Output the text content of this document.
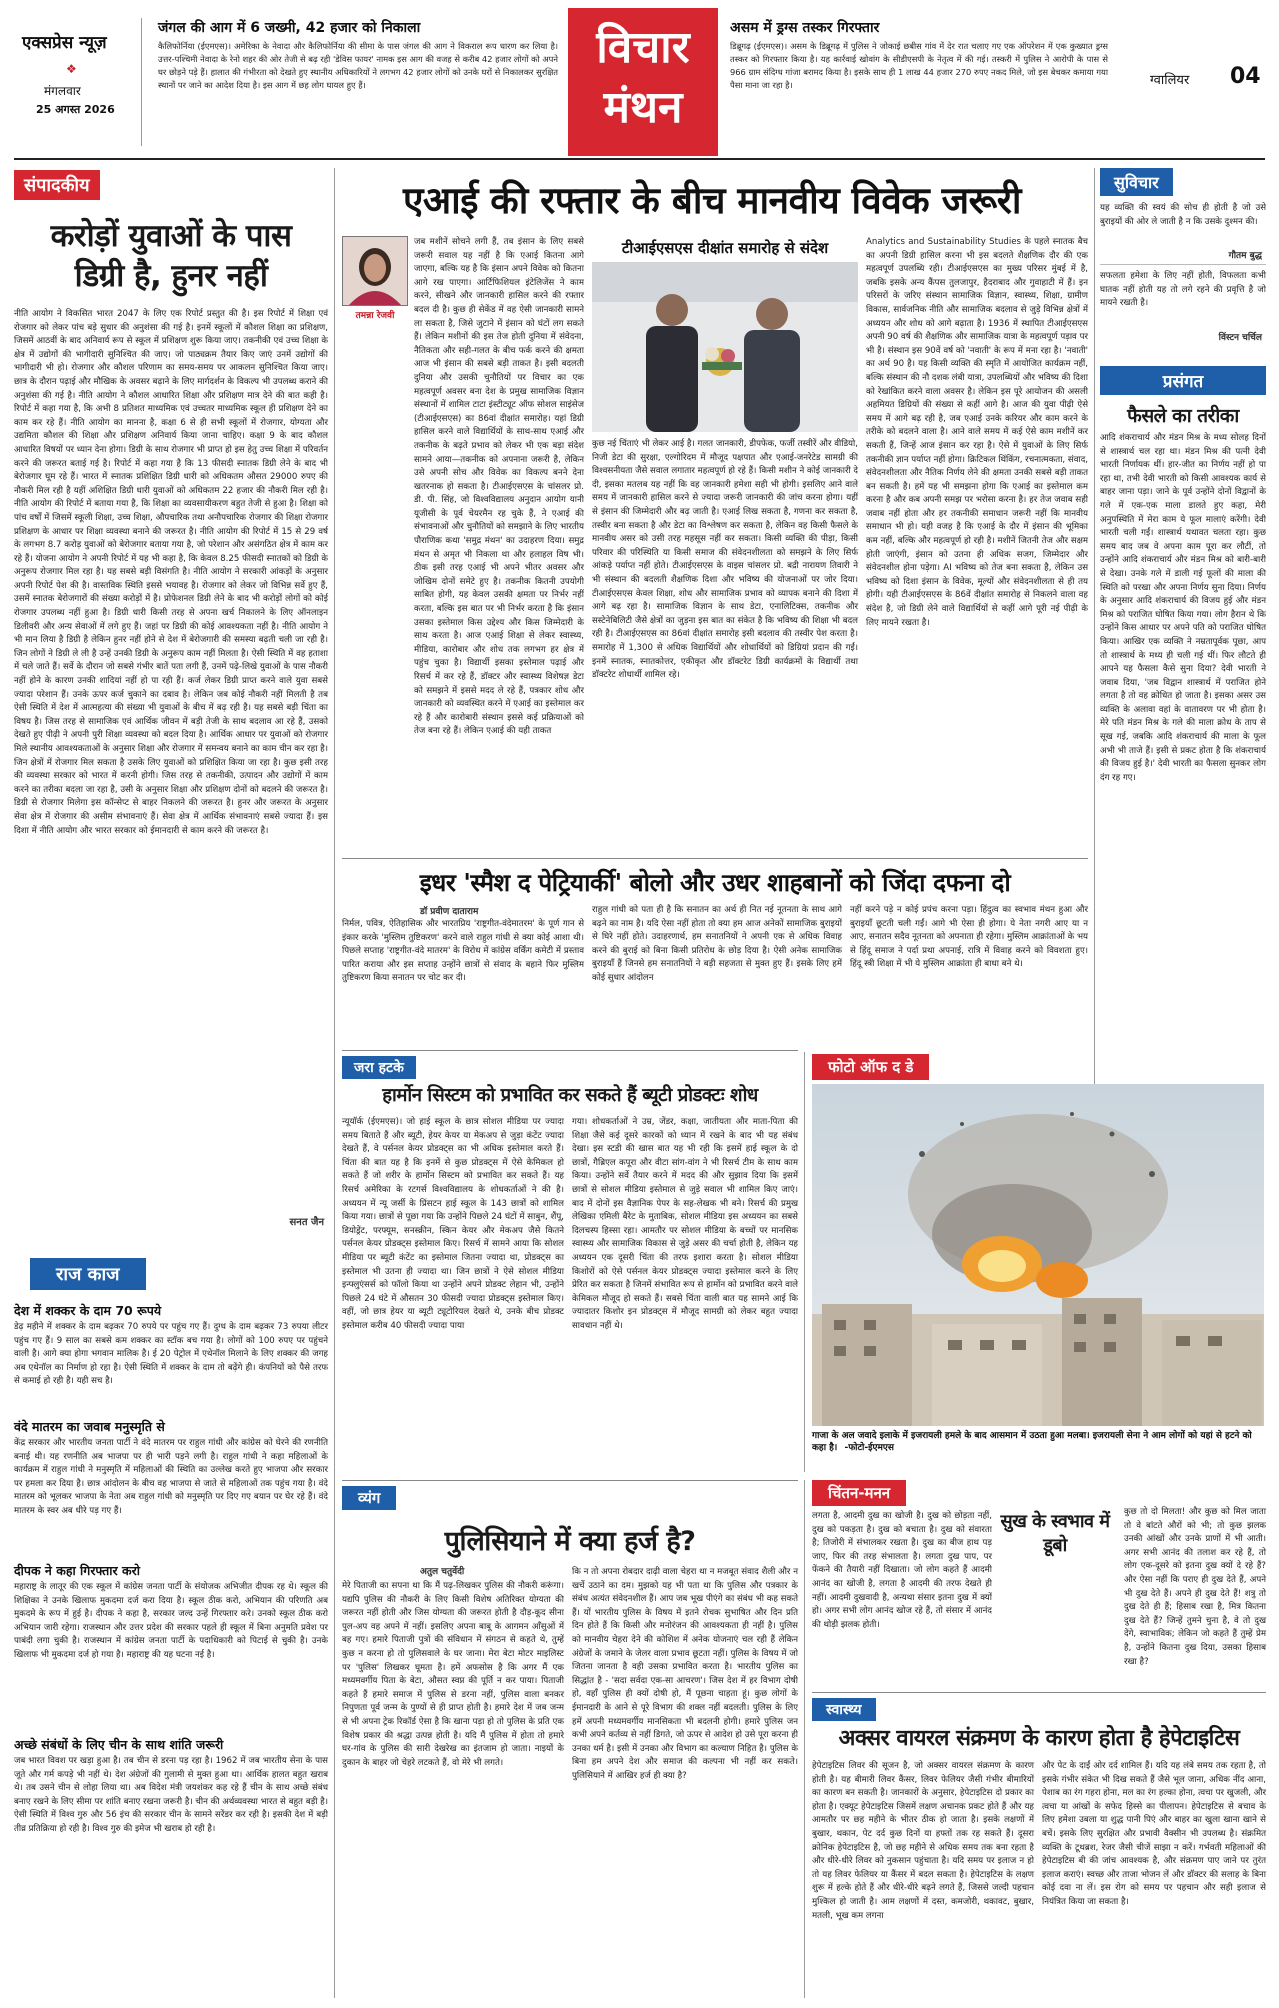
एक्सप्रेस न्यूज़
❖
मंगलवार
25 अगस्त 2026
जंगल की आग में 6 जख्मी, 42 हजार को निकाला
कैलिफोर्निया (ईएमएस)। अमेरिका के नेवादा और कैलिफोर्निया की सीमा के पास जंगल की आग ने विकराल रूप धारण कर लिया है। उत्तर-पश्चिमी नेवादा के रेनो शहर की ओर तेजी से बढ़ रही 'डेविस फायर' नामक इस आग की वजह से करीब 42 हजार लोगों को अपने घर छोड़ने पड़े हैं। हालात की गंभीरता को देखते हुए स्थानीय अधिकारियों ने लगभग 42 हजार लोगों को उनके घरों से निकालकर सुरक्षित स्थानों पर जाने का आदेश दिया है। इस आग में छह लोग घायल हुए हैं।
विचार
मंथन
असम में ड्रग्स तस्कर गिरफ्तार
डिब्रूगढ़ (ईएमएस)। असम के डिब्रूगढ़ में पुलिस ने जोकाई छबीस गांव में देर रात चलाए गए एक ऑपरेशन में एक कुख्यात ड्रग्स तस्कर को गिरफ्तार किया है। यह कार्रवाई खोवांग के सीडीएसपी के नेतृत्व में की गई। तस्करी में पुलिस ने आरोपी के पास से 966 ग्राम संदिग्ध गांजा बरामद किया है। इसके साथ ही 1 लाख 44 हजार 270 रुपए नकद मिले, जो इस बेचकर कमाया गया पैसा माना जा रहा है।	ग्वालियर 04
संपादकीय
करोड़ों युवाओं के पास
डिग्री है, हुनर नहीं
नीति आयोग ने विकसित भारत 2047 के लिए एक रिपोर्ट प्रस्तुत की है। इस रिपोर्ट में शिक्षा एवं रोजगार को लेकर पांच बड़े सुधार की अनुशंसा की गई है। इनमें स्कूलों में कौशल शिक्षा का प्रशिक्षण, जिसमें आठवीं के बाद अनिवार्य रूप से स्कूल में प्रशिक्षण शुरू किया जाए। तकनीकी एवं उच्च शिक्षा के क्षेत्र में उद्योगों की भागीदारी सुनिश्चित की जाए। जो पाठ्यक्रम तैयार किए जाएं उनमें उद्योगों की भागीदारी भी हो। रोजगार और कौशल परिणाम का समय-समय पर आकलन सुनिश्चित किया जाए। छात्र के दौरान पढ़ाई और मौखिक के अवसर बढ़ाने के लिए मार्गदर्शन के विकल्प भी उपलब्ध कराने की अनुशंसा की गई है। नीति आयोग ने कौशल आधारित शिक्षा और प्रशिक्षण मात्र देने की बात कही है। रिपोर्ट में कहा गया है, कि अभी 8 प्रतिशत माध्यमिक एवं उच्चतर माध्यमिक स्कूल ही प्रशिक्षण देने का काम कर रहे हैं। नीति आयोग का मानना है, कक्षा 6 से ही सभी स्कूलों में रोजगार, योग्यता और उद्यमिता कौशल की शिक्षा और प्रशिक्षण अनिवार्य किया जाना चाहिए। कक्षा 9 के बाद कौशल आधारित विषयों पर ध्यान देना होगा। डिग्री के साथ रोजगार भी प्राप्त हो इस हेतु उच्च शिक्षा में परिवर्तन करने की जरूरत बताई गई है। रिपोर्ट में कहा गया है कि 13 फीसदी स्नातक डिग्री लेने के बाद भी बेरोजगार घूम रहे हैं। भारत में स्नातक प्रशिक्षित डिग्री धारी को अधिकतम औसत 29000 रुपए की नौकरी मिल रही है यहीं अशिक्षित डिग्री धारी युवाओं को अधिकतम 22 हजार की नौकरी मिल रही है। नीति आयोग की रिपोर्ट में बताया गया है, कि शिक्षा का व्यवसायीकरण बहुत तेजी से हुआ है। शिक्षा को पांच वर्षों में जिसमें स्कूली शिक्षा, उच्च शिक्षा, औपचारिक तथा अनौपचारिक रोजगार की शिक्षा रोजगार प्रशिक्षण के आधार पर शिक्षा व्यवस्था बनाने की जरूरत है। नीति आयोग की रिपोर्ट में 15 से 29 वर्ष के लगभग 8.7 करोड़ युवाओं को बेरोजगार बताया गया है, जो परेशान और असंगठित क्षेत्र में काम कर रहे हैं। योजना आयोग ने अपनी रिपोर्ट में यह भी कहा है, कि केवल 8.25 फीसदी स्नातकों को डिग्री के अनुरूप रोजगार मिल रहा है। यह सबसे बड़ी विसंगति है। नीति आयोग ने सरकारी आंकड़ों के अनुसार अपनी रिपोर्ट पेश की है। वास्तविक स्थिति इससे भयावह है। रोजगार को लेकर जो विभिन्न सर्वे हुए हैं, उसमें स्नातक बेरोजगारों की संख्या करोड़ों में है। प्रोफेशनल डिग्री लेने के बाद भी करोड़ों लोगों को कोई रोजगार उपलब्ध नहीं हुआ है। डिग्री धारी किसी तरह से अपना खर्च निकालने के लिए ऑनलाइन डिलीवरी और अन्य सेवाओं में लगे हुए हैं। जहां पर डिग्री की कोई आवश्यकता नहीं है। नीति आयोग ने भी मान लिया है डिग्री है लेकिन हुनर नहीं होने से देश में बेरोजगारी की समस्या बढ़ती चली जा रही है। जिन लोगों ने डिग्री ले ली है उन्हें उनकी डिग्री के अनुरूप काम नहीं मिलता है। ऐसी स्थिति में वह हताशा में चले जाते हैं। सर्वे के दौरान जो सबसे गंभीर बातें पता लगी हैं, उनमें पढ़े-लिखे युवाओं के पास नौकरी नहीं होने के कारण उनकी शादियां नहीं हो पा रही हैं। कर्ज लेकर डिग्री प्राप्त करने वाले युवा सबसे ज्यादा परेशान हैं। उनके ऊपर कर्ज चुकाने का दबाव है। लेकिन जब कोई नौकरी नहीं मिलती है तब ऐसी स्थिति में देश में आत्महत्या की संख्या भी युवाओं के बीच में बढ़ रही है। यह सबसे बड़ी चिंता का विषय है। जिस तरह से सामाजिक एवं आर्थिक जीवन में बड़ी तेजी के साथ बदलाव आ रहे हैं, उसको देखते हुए पीढ़ी ने अपनी पुरी शिक्षा व्यवस्था को बदल दिया है। आर्थिक आधार पर युवाओं को रोजगार मिले स्थानीय आवश्यकताओं के अनुसार शिक्षा और रोजगार में समन्वय बनाने का काम चीन कर रहा है। जिन क्षेत्रों में रोजगार मिल सकता है उसके लिए युवाओं को प्रशिक्षित किया जा रहा है। कुछ इसी तरह की व्यवस्था सरकार को भारत में करनी होगी। जिस तरह से तकनीकी, उत्पादन और उद्योगों में काम करने का तरीका बदला जा रहा है, उसी के अनुसार शिक्षा और प्रशिक्षण दोनों को बदलने की जरूरत है। डिग्री से रोजगार मिलेगा इस कॉन्सेप्ट से बाहर निकलने की जरूरत है। हुनर और जरूरत के अनुसार सेवा क्षेत्र में रोजगार की असीम संभावनाएं हैं। सेवा क्षेत्र में आर्थिक संभावनाएं सबसे ज्यादा हैं। इस दिशा में नीति आयोग और भारत सरकार को ईमानदारी से काम करने की जरूरत है।
सनत जैन
राज काज
देश में शक्कर के दाम 70 रूपये
डेढ़ महीने में शक्कर के दाम बढ़कर 70 रुपये पर पहुंच गए हैं। दुग्ध के दाम बढ़कर 73 रुपया लीटर पहुंच गए हैं। 9 साल का सबसे कम शक्कर का स्टॉक बच गया है। लोगों को 100 रुपए पर पहुंचने वाली है। आगे क्या होगा भगवान मालिक है। ई 20 पेट्रोल में एथेनॉल मिलाने के लिए शक्कर की जगह अब एथेनॉल का निर्माण हो रहा है। ऐसी स्थिति में शक्कर के दाम तो बढ़ेंगे ही। कंपनियों को पैसे तरफ से कमाई हो रही है। यही सच है।
वंदे मातरम का जवाब मनुस्मृति से
केंद्र सरकार और भारतीय जनता पार्टी ने वंदे मातरम पर राहुल गांधी और कांग्रेस को घेरने की रणनीति बनाई थी। यह रणनीति अब भाजपा पर ही भारी पड़ने लगी है। राहुल गांधी ने कहा महिलाओं के कार्यक्रम में राहुल गांधी ने मनुस्मृति में महिलाओं की स्थिति का उल्लेख करते हुए भाजपा और सरकार पर हमला कर दिया है। छात्र आंदोलन के बीच वह भाजपा से जाते से महिलाओं तक पहुंच गया है। वंदे मातरम को भूलकर भाजपा के नेता अब राहुल गांधी को मनुस्मृति पर दिए गए बयान पर घेर रहे हैं। वंदे मातरम के स्वर अब धीरे पड़ गए हैं।
दीपक ने कहा गिरफ्तार करो
महाराष्ट्र के लातूर की एक स्कूल में कांग्रेस जनता पार्टी के संयोजक अभिजीत दीपक रह थे। स्कूल की शिक्षिका ने उनके खिलाफ मुकदमा दर्ज करा दिया है। स्कूल ठीक करो, अभियान की परिणति अब मुकदमे के रूप में हुई है। दीपक ने कहा है, सरकार जल्द उन्हें गिरफ्तार करे। उनको स्कूल ठीक करो अभियान जारी रहेगा। राजस्थान और उत्तर प्रदेश की सरकार पहले ही स्कूल में बिना अनुमति प्रवेश पर पाबंदी लगा चुकी है। राजस्थान में कांग्रेस जनता पार्टी के पदाधिकारी को पिटाई से चुकी है। उनके खिलाफ भी मुकदमा दर्ज हो गया है। महाराष्ट्र की यह घटना नई है।
अच्छे संबंधों के लिए चीन के साथ शांति जरूरी
जब भारत विवश पर खड़ा हुआ है। तब चीन से डरना पड़ रहा है। 1962 में जब भारतीय सेना के पास जूते और गर्म कपड़े भी नहीं थे। देश अंग्रेजों की गुलामी से मुक्त हुआ था। आर्थिक हालत बहुत खराब थे। तब उसने चीन से लोहा लिया था। अब विदेश मंत्री जयशंकर कह रहे हैं चीन के साथ अच्छे संबंध बनाए रखने के लिए सीमा पर शांति बनाए रखना जरूरी है। चीन की अर्थव्यवस्था भारत से बहुत बड़ी है। ऐसी स्थिति में विश्व गुरु और 56 इंच की सरकार चीन के सामने सरेंडर कर रही है। इसकी देश में बड़ी तीव्र प्रतिक्रिया हो रही है। विश्व गुरु की इमेज भी खराब हो रही है।
एआई की रफ्तार के बीच मानवीय विवेक जरूरी
तमन्ना रेजवी
जब मशीनें सोचने लगी हैं, तब इंसान के लिए सबसे जरूरी सवाल यह नहीं है कि एआई कितना आगे जाएगा, बल्कि यह है कि इंसान अपने विवेक को कितना आगे रख पाएगा। आर्टिफिशियल इंटेलिजेंस ने काम करने, सीखने और जानकारी हासिल करने की रफ्तार बदल दी है। कुछ ही सेकेंड में वह ऐसी जानकारी सामने ला सकता है, जिसे जुटाने में इंसान को घंटों लग सकते हैं। लेकिन मशीनों की इस तेज होती दुनिया में संवेदना, नैतिकता और सही-गलत के बीच फर्क करने की क्षमता आज भी इंसान की सबसे बड़ी ताकत है। इसी बदलती दुनिया और उसकी चुनौतियों पर विचार का एक महत्वपूर्ण अवसर बना देश के प्रमुख सामाजिक विज्ञान संस्थानों में शामिल टाटा इंस्टीट्यूट ऑफ सोशल साइंसेज (टीआईएसएस) का 86वां दीक्षांत समारोह। यहां डिग्री हासिल करने वाले विद्यार्थियों के साथ-साथ एआई और तकनीक के बढ़ते प्रभाव को लेकर भी एक बड़ा संदेश सामने आया—तकनीक को अपनाना जरूरी है, लेकिन उसे अपनी सोच और विवेक का विकल्प बनने देना खतरनाक हो सकता है। टीआईएसएस के चांसलर प्रो. डी. पी. सिंह, जो विश्वविद्यालय अनुदान आयोग यानी यूजीसी के पूर्व चेयरमैन रह चुके हैं, ने एआई की संभावनाओं और चुनौतियों को समझाने के लिए भारतीय पौराणिक कथा 'समुद्र मंथन' का उदाहरण दिया। समुद्र मंथन से अमृत भी निकला था और हलाहल विष भी। ठीक इसी तरह एआई भी अपने भीतर अवसर और जोखिम दोनों समेटे हुए है। तकनीक कितनी उपयोगी साबित होगी, यह केवल उसकी क्षमता पर निर्भर नहीं करता, बल्कि इस बात पर भी निर्भर करता है कि इंसान उसका इस्तेमाल किस उद्देश्य और किस जिम्मेदारी के साथ करता है। आज एआई शिक्षा से लेकर स्वास्थ्य, मीडिया, कारोबार और शोध तक लगभग हर क्षेत्र में पहुंच चुका है। विद्यार्थी इसका इस्तेमाल पढ़ाई और रिसर्च में कर रहे हैं, डॉक्टर और स्वास्थ्य विशेषज्ञ डेटा को समझने में इससे मदद ले रहे हैं, पत्रकार शोध और जानकारी को व्यवस्थित करने में एआई का इस्तेमाल कर रहे हैं और कारोबारी संस्थान इससे कई प्रक्रियाओं को तेज बना रहे हैं। लेकिन एआई की यही ताकत
टीआईएसएस दीक्षांत समारोह से संदेश
कुछ नई चिंताएं भी लेकर आई है। गलत जानकारी, डीपफेक, फर्जी तस्वीरें और वीडियो, निजी डेटा की सुरक्षा, एल्गोरिदम में मौजूद पक्षपात और एआई-जनरेटेड सामग्री की विश्वसनीयता जैसे सवाल लगातार महत्वपूर्ण हो रहे हैं। किसी मशीन ने कोई जानकारी दे दी, इसका मतलब यह नहीं कि वह जानकारी हमेशा सही भी होगी। इसलिए आने वाले समय में जानकारी हासिल करने से ज्यादा जरूरी जानकारी की जांच करना होगा। यहीं से इंसान की जिम्मेदारी और बढ़ जाती है। एआई लिख सकता है, गणना कर सकता है, तस्वीर बना सकता है और डेटा का विश्लेषण कर सकता है, लेकिन वह किसी फैसले के मानवीय असर को उसी तरह महसूस नहीं कर सकता। किसी व्यक्ति की पीड़ा, किसी परिवार की परिस्थिति या किसी समाज की संवेदनशीलता को समझने के लिए सिर्फ आंकड़े पर्याप्त नहीं होते। टीआईएसएस के वाइस चांसलर प्रो. बद्री नारायण तिवारी ने भी संस्थान की बदलती शैक्षणिक दिशा और भविष्य की योजनाओं पर जोर दिया। टीआईएसएस केवल शिक्षा, शोध और सामाजिक प्रभाव को व्यापक बनाने की दिशा में आगे बढ़ रहा है। सामाजिक विज्ञान के साथ डेटा, एनालिटिक्स, तकनीक और सस्टेनेबिलिटी जैसे क्षेत्रों का जुड़ना इस बात का संकेत है कि भविष्य की शिक्षा भी बदल रही है। टीआईएसएस का 86वां दीक्षांत समारोह इसी बदलाव की तस्वीर पेश करता है। समारोह में 1,300 से अधिक विद्यार्थियों और शोधार्थियों को डिग्रियां प्रदान की गईं। इनमें स्नातक, स्नातकोत्तर, एकीकृत और डॉक्टरेट डिग्री कार्यक्रमों के विद्यार्थी तथा डॉक्टरेट शोधार्थी शामिल रहे।
Analytics and Sustainability Studies के पहले स्नातक बैच का अपनी डिग्री हासिल करना भी इस बदलते शैक्षणिक दौर की एक महत्वपूर्ण उपलब्धि रही। टीआईएसएस का मुख्य परिसर मुंबई में है, जबकि इसके अन्य कैंपस तुलजापुर, हैदराबाद और गुवाहाटी में हैं। इन परिसरों के जरिए संस्थान सामाजिक विज्ञान, स्वास्थ्य, शिक्षा, ग्रामीण विकास, सार्वजनिक नीति और सामाजिक बदलाव से जुड़े विभिन्न क्षेत्रों में अध्ययन और शोध को आगे बढ़ाता है। 1936 में स्थापित टीआईएसएस अपनी 90 वर्ष की शैक्षणिक और सामाजिक यात्रा के महत्वपूर्ण पड़ाव पर भी है। संस्थान इस 90वें वर्ष को 'नवाती' के रूप में मना रहा है। 'नवाती' का अर्थ 90 है। यह किसी व्यक्ति की स्मृति में आयोजित कार्यक्रम नहीं, बल्कि संस्थान की नौ दशक लंबी यात्रा, उपलब्धियों और भविष्य की दिशा को रेखांकित करने वाला अवसर है। लेकिन इस पूरे आयोजन की असली अहमियत डिग्रियों की संख्या से कहीं आगे है। आज की युवा पीढ़ी ऐसे समय में आगे बढ़ रही है, जब एआई उनके करियर और काम करने के तरीके को बदलने वाला है। आने वाले समय में कई ऐसे काम मशीनें कर सकती हैं, जिन्हें आज इंसान कर रहा है। ऐसे में युवाओं के लिए सिर्फ तकनीकी ज्ञान पर्याप्त नहीं होगा। क्रिटिकल थिंकिंग, रचनात्मकता, संवाद, संवेदनशीलता और नैतिक निर्णय लेने की क्षमता उनकी सबसे बड़ी ताकत बन सकती है। हमें यह भी समझना होगा कि एआई का इस्तेमाल कम करना है और कब अपनी समझ पर भरोसा करना है। हर तेज जवाब सही जवाब नहीं होता और हर तकनीकी समाधान जरूरी नहीं कि मानवीय समाधान भी हो। यही वजह है कि एआई के दौर में इंसान की भूमिका कम नहीं, बल्कि और महत्वपूर्ण हो रही है। मशीनें जितनी तेज और सक्षम होती जाएंगी, इंसान को उतना ही अधिक सजग, जिम्मेदार और संवेदनशील होना पड़ेगा। AI भविष्य को तेज बना सकता है, लेकिन उस भविष्य को दिशा इंसान के विवेक, मूल्यों और संवेदनशीलता से ही तय होगी। यही टीआईएसएस के 86वें दीक्षांत समारोह से निकलने वाला वह संदेश है, जो डिग्री लेने वाले विद्यार्थियों से कहीं आगे पूरी नई पीढ़ी के लिए मायने रखता है।
सुविचार
यह व्यक्ति की स्वयं की सोच ही होती है जो उसे बुराइयों की ओर ले जाती है न कि उसके दुश्मन की।
गौतम बुद्ध
सफलता हमेशा के लिए नहीं होती, विफलता कभी घातक नहीं होती यह तो लगे रहने की प्रवृत्ति है जो मायने रखती है।
विंस्टन चर्चिल
प्रसंगत
फैसले का तरीका
आदि शंकराचार्य और मंडन मिश्र के मध्य सोलह दिनों से शास्त्रार्थ चल रहा था। मंडन मिश्र की पत्नी देवी भारती निर्णायक थीं। हार-जीत का निर्णय नहीं हो पा रहा था, तभी देवी भारती को किसी आवश्यक कार्य से बाहर जाना पड़ा। जाने के पूर्व उन्होंने दोनों विद्वानों के गले में एक-एक माला डालते हुए कहा, मेरी अनुपस्थिति में मेरा काम ये फूल मालाएं करेंगी। देवी भारती चली गईं। शास्त्रार्थ यथावत चलता रहा। कुछ समय बाद जब वे अपना काम पूरा कर लौटीं, तो उन्होंने आदि शंकराचार्य और मंडन मिश्र को बारी-बारी से देखा। उनके गले में डाली गई फूलों की माला की स्थिति को परखा और अपना निर्णय सुना दिया। निर्णय के अनुसार आदि शंकराचार्य की विजय हुई और मंडन मिश्र को पराजित घोषित किया गया। लोग हैरान थे कि उन्होंने किस आधार पर अपने पति को पराजित घोषित किया। आखिर एक व्यक्ति ने नम्रतापूर्वक पूछा, आप तो शास्त्रार्थ के मध्य ही चली गई थीं। फिर लौटते ही आपने यह फैसला कैसे सुना दिया? देवी भारती ने जवाब दिया, 'जब विद्वान शास्त्रार्थ में पराजित होने लगता है तो वह क्रोधित हो जाता है। इसका असर उस व्यक्ति के अलावा वहां के वातावरण पर भी होता है। मेरे पति मंडन मिश्र के गले की माला क्रोध के ताप से सूख गई, जबकि आदि शंकराचार्य की माला के फूल अभी भी ताजे हैं। इसी से प्रकट होता है कि शंकराचार्य की विजय हुई है।' देवी भारती का फैसला सुनकर लोग दंग रह गए।
इधर 'स्मैश द पेट्रियार्की' बोलो और उधर शाहबानों को जिंदा दफना दो
डॉ प्रवीण दाताराम
निर्मल, पवित्र, ऐतिहासिक और भारतप्रिय 'राष्ट्रगीत-वंदेमातरम' के पूर्ण गान से इंकार करके 'मुस्लिम तुष्टिकरण' करने वाले राहुल गांधी से क्या कोई आशा थी। पिछले सप्ताह 'राष्ट्रगीत-वंदे मातरम' के विरोध में कांग्रेस वर्किंग कमेटी में प्रस्ताव पारित कराया और इस सप्ताह उन्होंने छात्रों से संवाद के बहाने फिर मुस्लिम तुष्टिकरण किया सनातन पर चोट कर दी।
राहुल गांधी को पता ही है कि सनातन का अर्थ ही नित नई नूतनता के साथ आगे बढ़ने का नाम है। यदि ऐसा नहीं होता तो क्या हम आज अनेकों सामाजिक बुराइयों से घिरे नहीं होते। उदाहरणार्थ, हम सनातनियों ने अपनी एक से अधिक विवाह करने की बुराई को बिना किसी प्रतिरोध के छोड़ दिया है। ऐसी अनेक सामाजिक बुराइयाँ हैं जिनसे हम सनातनियों ने बड़ी सहजता से मुक्त हुए हैं। इसके लिए हमें कोई सुधार आंदोलन
नहीं करने पड़े न कोई प्रपंच करना पड़ा। हिंदुत्व का स्वभाव मंथन हुआ और बुराइयाँ छूटती चली गईं। आगे भी ऐसा ही होगा। ये नेता नगरी आए या न आए, सनातन सदैव नूतनता को अपनाता ही रहेगा। मुस्लिम आक्रांताओं के भय से हिंदू समाज ने पर्दा प्रथा अपनाई, रात्रि में विवाह करने को विवशता हुए। हिंदू स्त्री शिक्षा में भी ये मुस्लिम आक्रांता ही बाधा बने थे।
जरा हटके
हार्मोन सिस्टम को प्रभावित कर सकते हैं ब्यूटी प्रोडक्टः शोध
न्यूयॉर्क (ईएमएस)। जो हाई स्कूल के छात्र सोशल मीडिया पर ज्यादा समय बिताते हैं और ब्यूटी, हेयर केयर या मेकअप से जुड़ा कंटेंट ज्यादा देखते हैं, वे पर्सनल केयर प्रोडक्ट्स का भी अधिक इस्तेमाल करते हैं। चिंता की बात यह है कि इनमें से कुछ प्रोडक्ट्स में ऐसे केमिकल हो सकते हैं जो शरीर के हार्मोन सिस्टम को प्रभावित कर सकते हैं। यह रिसर्च अमेरिका के रटगर्स विश्वविद्यालय के शोधकर्ताओं ने की है। अध्ययन में न्यू जर्सी के प्रिंसटन हाई स्कूल के 143 छात्रों को शामिल किया गया। छात्रों से पूछा गया कि उन्होंने पिछले 24 घंटों में साबुन, शैंपू, डियोड्रेंट, परफ्यूम, सनस्क्रीन, स्किन केयर और मेकअप जैसे कितने पर्सनल केयर प्रोडक्ट्स इस्तेमाल किए। रिसर्च में सामने आया कि सोशल मीडिया पर ब्यूटी कंटेंट का इस्तेमाल जितना ज्यादा था, प्रोडक्ट्स का इस्तेमाल भी उतना ही ज्यादा था। जिन छात्रों ने ऐसे सोशल मीडिया इन्फ्लुएंसर्स को फॉलो किया था उन्होंने अपने प्रोडक्ट लेहान भी, उन्होंने पिछले 24 घंटे में औसतन 30 फीसदी ज्यादा प्रोडक्ट्स इस्तेमाल किए। वहीं, जो छात्र हेयर या ब्यूटी ट्यूटोरियल देखते थे, उनके बीच प्रोडक्ट इस्तेमाल करीब 40 फीसदी ज्यादा पाया
गया। शोधकर्ताओं ने उम्र, जेंडर, कक्षा, जातीयता और माता-पिता की शिक्षा जैसे कई दूसरे कारकों को ध्यान में रखने के बाद भी यह संबंध देखा। इस स्टडी की खास बात यह भी रही कि इसमें हाई स्कूल के दो छात्रों, गैब्रिएल कपूरा और वीटा सांग-वांग ने भी रिसर्च टीम के साथ काम किया। उन्होंने सर्वे तैयार करने में मदद की और सुझाव दिया कि इसमें छात्रों से सोशल मीडिया इस्तेमाल से जुड़े सवाल भी शामिल किए जाएं। बाद में दोनों इस वैज्ञानिक पेपर के सह-लेखक भी बने। रिसर्च की प्रमुख लेखिका एमिली बैरेट के मुताबिक, सोशल मीडिया इस अध्ययन का सबसे दिलचस्प हिस्सा रहा। आमतौर पर सोशल मीडिया के बच्चों पर मानसिक स्वास्थ्य और सामाजिक विकास से जुड़े असर की चर्चा होती है, लेकिन यह अध्ययन एक दूसरी चिंता की तरफ इशारा करता है। सोशल मीडिया किशोरों को ऐसे पर्सनल केयर प्रोडक्ट्स ज्यादा इस्तेमाल करने के लिए प्रेरित कर सकता है जिनमें संभावित रूप से हार्मोन को प्रभावित करने वाले केमिकल मौजूद हो सकते हैं। सबसे चिंता वाली बात यह सामने आई कि ज्यादातर किशोर इन प्रोडक्ट्स में मौजूद सामग्री को लेकर बहुत ज्यादा सावधान नहीं थे।
फोटो ऑफ द डे
गाजा के अल जवादे इलाके में इजरायली हमले के बाद आसमान में उठता हुआ मलबा। इजरायली सेना ने आम लोगों को यहां से हटने को कहा है। -फोटो-ईएमएस
व्यंग
पुलिसियाने में क्या हर्ज है?
अतुल चतुर्वेदी
मेरे पिताजी का सपना था कि मैं पढ़-लिखकर पुलिस की नौकरी करूंगा। यद्यपि पुलिस की नौकरी के लिए किसी विशेष अतिरिक्त योग्यता की जरूरत नहीं होती और जिस योग्यता की जरूरत होती है दौड़-कूद सीना पुल-अप वह अपने में नहीं। इसलिए अपना बाबू के आगमन आँसुओं में बह गए। हमारे पिताजी पुत्रों की संविधान में संगठन से कहते थे, तुम्हें कुछ न करना हो तो पुलिसवाले के घर जाना। मेरा बेटा मोटर माइलिस्ट पर 'पुलिस' लिखकर घूमता है। हमें अफसोस है कि अगर मैं एक मध्यमवर्गीय पिता के बेटा, औसत स्वप्न की पूर्ति न कर पाया। पिताजी कहते हैं हमारे समाज में पुलिस से डरना नहीं, पुलिस वाला बनकर निपुणता पूर्व जन्म के पुण्यों से ही प्राप्त होती है। हमारे देश में जब जन्म से भी अपना ट्रेक रिकॉर्ड ऐसा है कि खाना पड़ा हो तो पुलिस के प्रति एक विशेष प्रकार की श्रद्धा उत्पन्न होती है। यदि मैं पुलिस में होता तो हमारे घर-गांव के पुलिस की सारी देखरेख का इंतजाम हो जाता। नाइयों के दुकान के बाहर जो चेहरे लटकते हैं, वो मेरे भी लगते।
कि न तो अपना रोबदार दाढ़ी वाला चेहरा था न मजबूत संवाद शैली और न खर्चे उठाने का दम। मुझको यह भी पता था कि पुलिस और पत्रकार के संबंध अत्यंत संवेदनशील हैं। आप जब भूख पीएंगे का संबंध भी कह सकते हैं। यों भारतीय पुलिस के विषय में इतने रोचक सुभाषित और दिन प्रति दिन होते हैं कि किसी और मनोरंजन की आवश्यकता ही नहीं है। पुलिस को मानवीय चेहरा देने की कोशिश में अनेक योजनाएं चल रही हैं लेकिन अंग्रेजों के जमाने के जेलर वाला प्रभाव छूटता नहीं। पुलिस के विषय में जो जितना जानता है वही उसका प्रभावित करता है। भारतीय पुलिस का सिद्धांत है - 'सदा सर्वदा एक-सा आचरण'। जिस देश में हर विभाग दोषी हो, वहाँ पुलिस ही क्यों दोषी हो, मैं पूछना चाहता हूं। कुछ लोगों के ईमानदारी के आने से पूरे विभाग की शक्ल नहीं बदलती। पुलिस के लिए हमें अपनी मध्यमवर्गीय मानसिकता भी बदलनी होगी। हमारे पुलिस जन कभी अपने कर्तव्य से नहीं डिगते, जो ऊपर से आदेश हो उसे पूरा करना ही उनका धर्म है। इसी में उनका और विभाग का कल्याण निहित है। पुलिस के बिना हम अपने देश और समाज की कल्पना भी नहीं कर सकते। पुलिसियाने में आखिर हर्ज ही क्या है?
चिंतन-मनन
लगता है, आदमी दुख का खोजी है। दुख को छोड़ता नहीं, दुख को पकड़ता है। दुख को बचाता है। दुख को संवारता है; तिजोरी में संभालकर रखता है। दुख का बीज हाथ पड़ जाए, फिर की तरह संभालता है। लगता दुख पाप, पर फेंकने की तैयारी नहीं दिखाता। जो लोग कहते हैं आदमी आनंद का खोजी है, लगता है आदमी की तरफ देखते ही नहीं। आदमी दुखवादी है, अन्यथा संसार इतना दुख में क्यों हो। अगर सभी लोग आनंद खोज रहे हैं, तो संसार में आनंद की थोड़ी झलक होती।
सुख के स्वभाव में डूबो
कुछ तो दो मिलता! और कुछ को मिल जाता तो वे बांटते औरों को भी; तो कुछ झलक उनकी आंखों और उनके प्राणों में भी आती। अगर सभी आनंद की तलाश कर रहे हैं, तो लोग एक-दूसरे को इतना दुख क्यों दे रहे हैं? और ऐसा नहीं कि पराए ही दुख देते हैं, अपने भी दुख देते हैं। अपने ही दुख देते हैं! शत्रु तो दुख देते ही हैं; हिसाब रखा है, मित्र कितना दुख देते हैं? जिन्हें तुमने चुना है, वे तो दुख देंगे, स्वाभाविक; लेकिन जो कहते हैं तुम्हें प्रेम है, उन्होंने कितना दुख दिया, उसका हिसाब रखा है?
स्वास्थ्य
अक्सर वायरल संक्रमण के कारण होता है हेपेटाइटिस
हेपेटाइटिस लिवर की सूजन है, जो अक्सर वायरल संक्रमण के कारण होती है। यह बीमारी लिवर कैंसर, लिवर फेलियर जैसी गंभीर बीमारियों का कारण बन सकती है। जानकारों के अनुसार, हेपेटाइटिस दो प्रकार का होता है। एक्यूट हेपेटाइटिस जिसमें लक्षण अचानक प्रकट होते हैं और यह आमतौर पर छह महीने के भीतर ठीक हो जाता है। इसके लक्षणों में बुखार, थकान, पेट दर्द कुछ दिनों या हफ्तों तक रह सकते हैं। दूसरा क्रोनिक हेपेटाइटिस है, जो छह महीने से अधिक समय तक बना रहता है और धीरे-धीरे लिवर को नुकसान पहुंचाता है। यदि समय पर इलाज न हो तो यह लिवर फेलियर या कैंसर में बदल सकता है। हेपेटाइटिस के लक्षण शुरू में हल्के होते हैं और धीरे-धीरे बढ़ने लगते हैं, जिससे जल्दी पहचान मुश्किल हो जाती है। आम लक्षणों में दस्त, कमजोरी, थकावट, बुखार, मतली, भूख कम लगना
और पेट के दाईं ओर दर्द शामिल हैं। यदि यह लंबे समय तक रहता है, तो इसके गंभीर संकेत भी दिख सकते हैं जैसे भूल जाना, अधिक नींद आना, पेशाब का रंग गहरा होना, मल का रंग हल्का होना, त्वचा पर खुजली, और त्वचा या आंखों के सफेद हिस्से का पीलापन। हेपेटाइटिस से बचाव के लिए हमेशा उबला या शुद्ध पानी पिएं और बाहर का खुला खाना खाने से बचें। इसके लिए सुरक्षित और प्रभावी वैक्सीन भी उपलब्ध है। संक्रमित व्यक्ति के टूथब्रश, रेजर जैसी चीजें साझा न करें। गर्भवती महिलाओं की हेपेटाइटिस बी की जांच आवश्यक है, और संक्रमण पाए जाने पर तुरंत इलाज कराएं। स्वच्छ और ताजा भोजन लें और डॉक्टर की सलाह के बिना कोई दवा ना लें। इस रोग को समय पर पहचान और सही इलाज से नियंत्रित किया जा सकता है।
